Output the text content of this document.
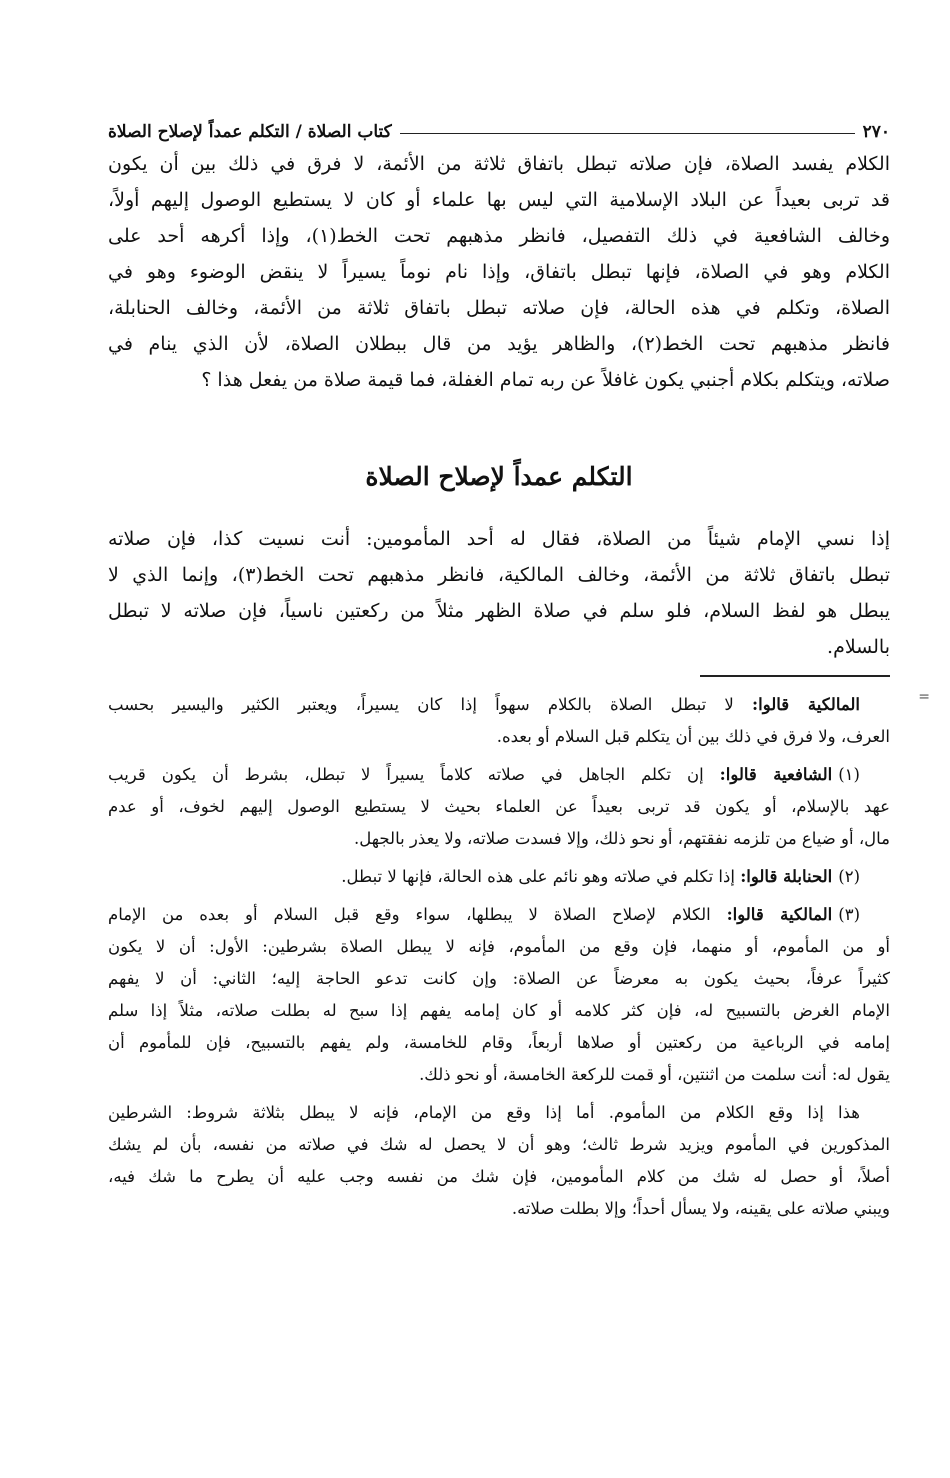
٢٧٠
كتاب الصلاة / التكلم عمداً لإصلاح الصلاة
الكلام يفسد الصلاة، فإن صلاته تبطل باتفاق ثلاثة من الأئمة، لا فرق في ذلك بين أن يكون
قد تربى بعيداً عن البلاد الإسلامية التي ليس بها علماء أو كان لا يستطيع الوصول إليهم أولاً،
وخالف الشافعية في ذلك التفصيل، فانظر مذهبهم تحت الخط(١)، وإذا أكرهه أحد على
الكلام وهو في الصلاة، فإنها تبطل باتفاق، وإذا نام نوماً يسيراً لا ينقض الوضوء وهو في
الصلاة، وتكلم في هذه الحالة، فإن صلاته تبطل باتفاق ثلاثة من الأئمة، وخالف الحنابلة،
فانظر مذهبهم تحت الخط(٢)، والظاهر يؤيد من قال ببطلان الصلاة، لأن الذي ينام في
صلاته، ويتكلم بكلام أجنبي يكون غافلاً عن ربه تمام الغفلة، فما قيمة صلاة من يفعل هذا ؟
التكلم عمداً لإصلاح الصلاة
إذا نسي الإمام شيئاً من الصلاة، فقال له أحد المأمومين: أنت نسيت كذا، فإن صلاته
تبطل باتفاق ثلاثة من الأئمة، وخالف المالكية، فانظر مذهبهم تحت الخط(٣)، وإنما الذي لا
يبطل هو لفظ السلام، فلو سلم في صلاة الظهر مثلاً من ركعتين ناسياً، فإن صلاته لا تبطل
بالسلام.
=
المالكية قالوا: لا تبطل الصلاة بالكلام سهواً إذا كان يسيراً، ويعتبر الكثير واليسير بحسب
العرف، ولا فرق في ذلك بين أن يتكلم قبل السلام أو بعده.
(١)الشافعية قالوا: إن تكلم الجاهل في صلاته كلاماً يسيراً لا تبطل، بشرط أن يكون قريب
عهد بالإسلام، أو يكون قد تربى بعيداً عن العلماء بحيث لا يستطيع الوصول إليهم لخوف، أو عدم
مال، أو ضياع من تلزمه نفقتهم، أو نحو ذلك، وإلا فسدت صلاته، ولا يعذر بالجهل.
(٢)الحنابلة قالوا: إذا تكلم في صلاته وهو نائم على هذه الحالة، فإنها لا تبطل.
(٣)المالكية قالوا: الكلام لإصلاح الصلاة لا يبطلها، سواء وقع قبل السلام أو بعده من الإمام
أو من المأموم، أو منهما، فإن وقع من المأموم، فإنه لا يبطل الصلاة بشرطين: الأول: أن لا يكون
كثيراً عرفاً، بحيث يكون به معرضاً عن الصلاة: وإن كانت تدعو الحاجة إليه؛ الثاني: أن لا يفهم
الإمام الغرض بالتسبيح له، فإن كثر كلامه أو كان إمامه يفهم إذا سبح له بطلت صلاته، مثلاً إذا سلم
إمامه في الرباعية من ركعتين أو صلاها أربعاً، وقام للخامسة، ولم يفهم بالتسبيح، فإن للمأموم أن
يقول له: أنت سلمت من اثنتين، أو قمت للركعة الخامسة، أو نحو ذلك.
هذا إذا وقع الكلام من المأموم. أما إذا وقع من الإمام، فإنه لا يبطل بثلاثة شروط: الشرطين
المذكورين في المأموم ويزيد شرط ثالث؛ وهو أن لا يحصل له شك في صلاته من نفسه، بأن لم يشك
أصلاً، أو حصل له شك من كلام المأمومين، فإن شك من نفسه وجب عليه أن يطرح ما شك فيه،
ويبني صلاته على يقينه، ولا يسأل أحداً؛ وإلا بطلت صلاته.
